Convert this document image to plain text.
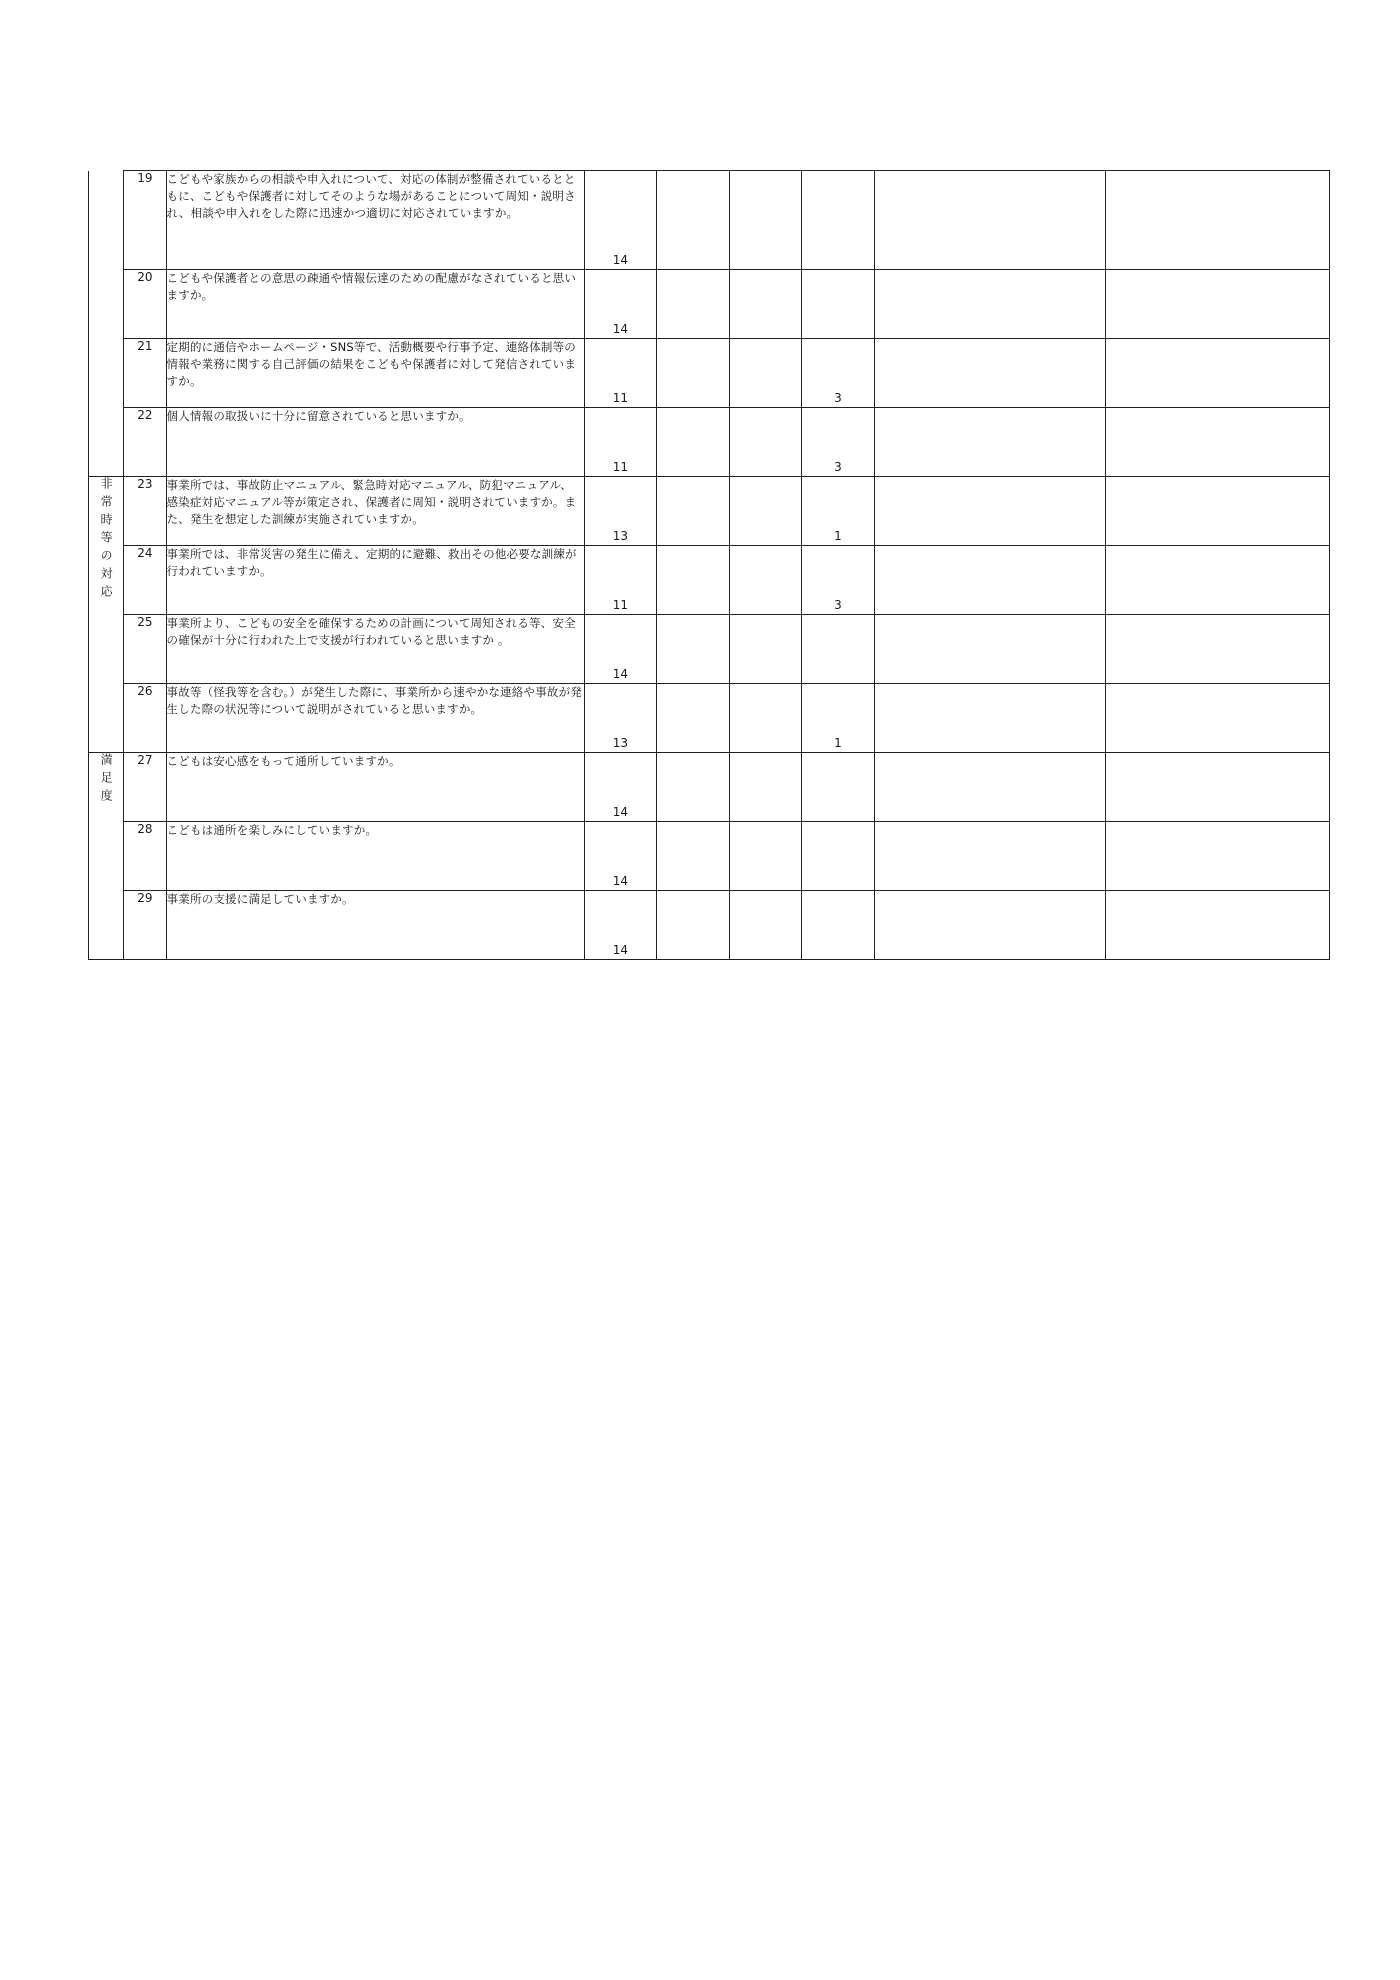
	19	こどもや家族からの相談や申入れについて、対応の体制が整備されているとともに、こどもや保護者に対してそのような場があることについて周知・説明され、相談や申入れをした際に迅速かつ適切に対応されていますか。	14					

	20	こどもや保護者との意思の疎通や情報伝達のための配慮がなされていると思いますか。	14					

	21	定期的に通信やホームページ・SNS等で、活動概要や行事予定、連絡体制等の情報や業務に関する自己評価の結果をこどもや保護者に対して発信されていますか。	11			3		

	22	個人情報の取扱いに十分に留意されていると思いますか。	11			3		

非常時等の対応	23	事業所では、事故防止マニュアル、緊急時対応マニュアル、防犯マニュアル、感染症対応マニュアル等が策定され、保護者に周知・説明されていますか。また、発生を想定した訓練が実施されていますか。	13			1		

	24	事業所では、非常災害の発生に備え、定期的に避難、救出その他必要な訓練が行われていますか。	11			3		

	25	事業所より、こどもの安全を確保するための計画について周知される等、安全の確保が十分に行われた上で支援が行われていると思いますか 。	14					

	26	事故等（怪我等を含む。）が発生した際に、事業所から速やかな連絡や事故が発生した際の状況等について説明がされていると思いますか。	13			1		

満足度	27	こどもは安心感をもって通所していますか。	14					

	28	こどもは通所を楽しみにしていますか。	14					

	29	事業所の支援に満足していますか。	14					
